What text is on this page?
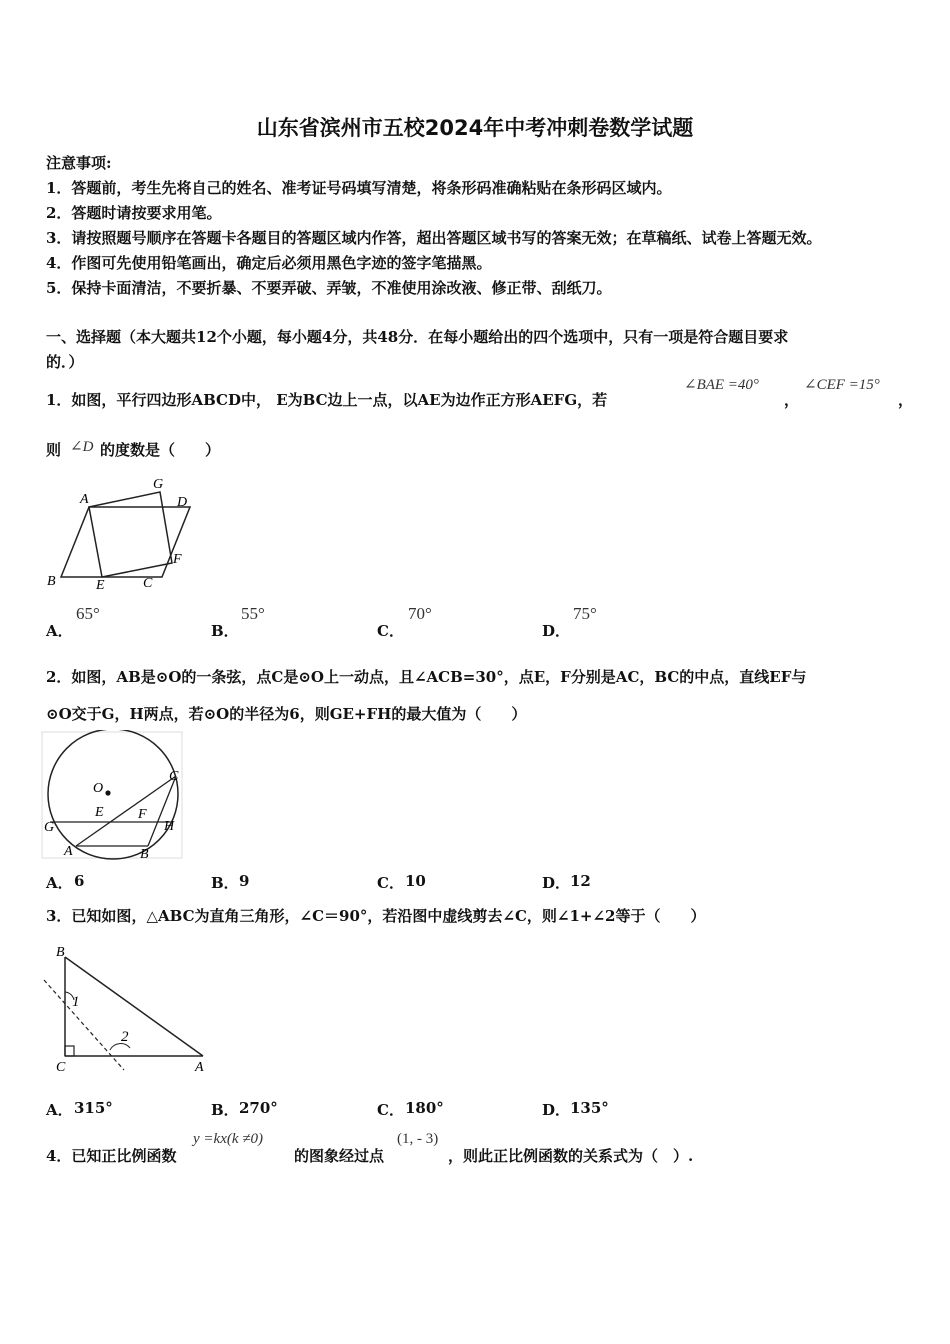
山东省滨州市五校2024年中考冲刺卷数学试题
注意事项:
1．答题前，考生先将自己的姓名、准考证号码填写清楚，将条形码准确粘贴在条形码区域内。
2．答题时请按要求用笔。
3．请按照题号顺序在答题卡各题目的答题区域内作答，超出答题区域书写的答案无效；在草稿纸、试卷上答题无效。
4．作图可先使用铅笔画出，确定后必须用黑色字迹的签字笔描黑。
5．保持卡面清洁，不要折暴、不要弄破、弄皱，不准使用涂改液、修正带、刮纸刀。
一、选择题（本大题共12个小题，每小题4分，共48分．在每小题给出的四个选项中，只有一项是符合题目要求
的．）
1．如图，平行四边形ABCD中， E为BC边上一点，以AE为边作正方形AEFG，若
∠BAE =40°
，
∠CEF =15°
，
则 ∠D 的度数是（　　）
A
G
D
B	E	C
F
A．
65°
B．
55°
C．
70°
D．
75°
2．如图，AB是⊙O的一条弦，点C是⊙O上一动点，且∠ACB=30°，点E，F分别是AC，BC的中点，直线EF与
⊙O交于G，H两点，若⊙O的半径为6，则GE+FH的最大值为（　　）
O
C
E F
G	H
A	B
A． 6	B． 9	C． 10	D． 12
3．已知如图，△ABC为直角三角形，∠C＝90°，若沿图中虚线剪去∠C，则∠1+∠2等于（　　）
B
1
2
C	A
A． 315°	B． 270°	C． 180°	D． 135°
4．已知正比例函数
y =kx(k ≠0)
的图象经过点
(1, - 3)
，则此正比例函数的关系式为（　）.
